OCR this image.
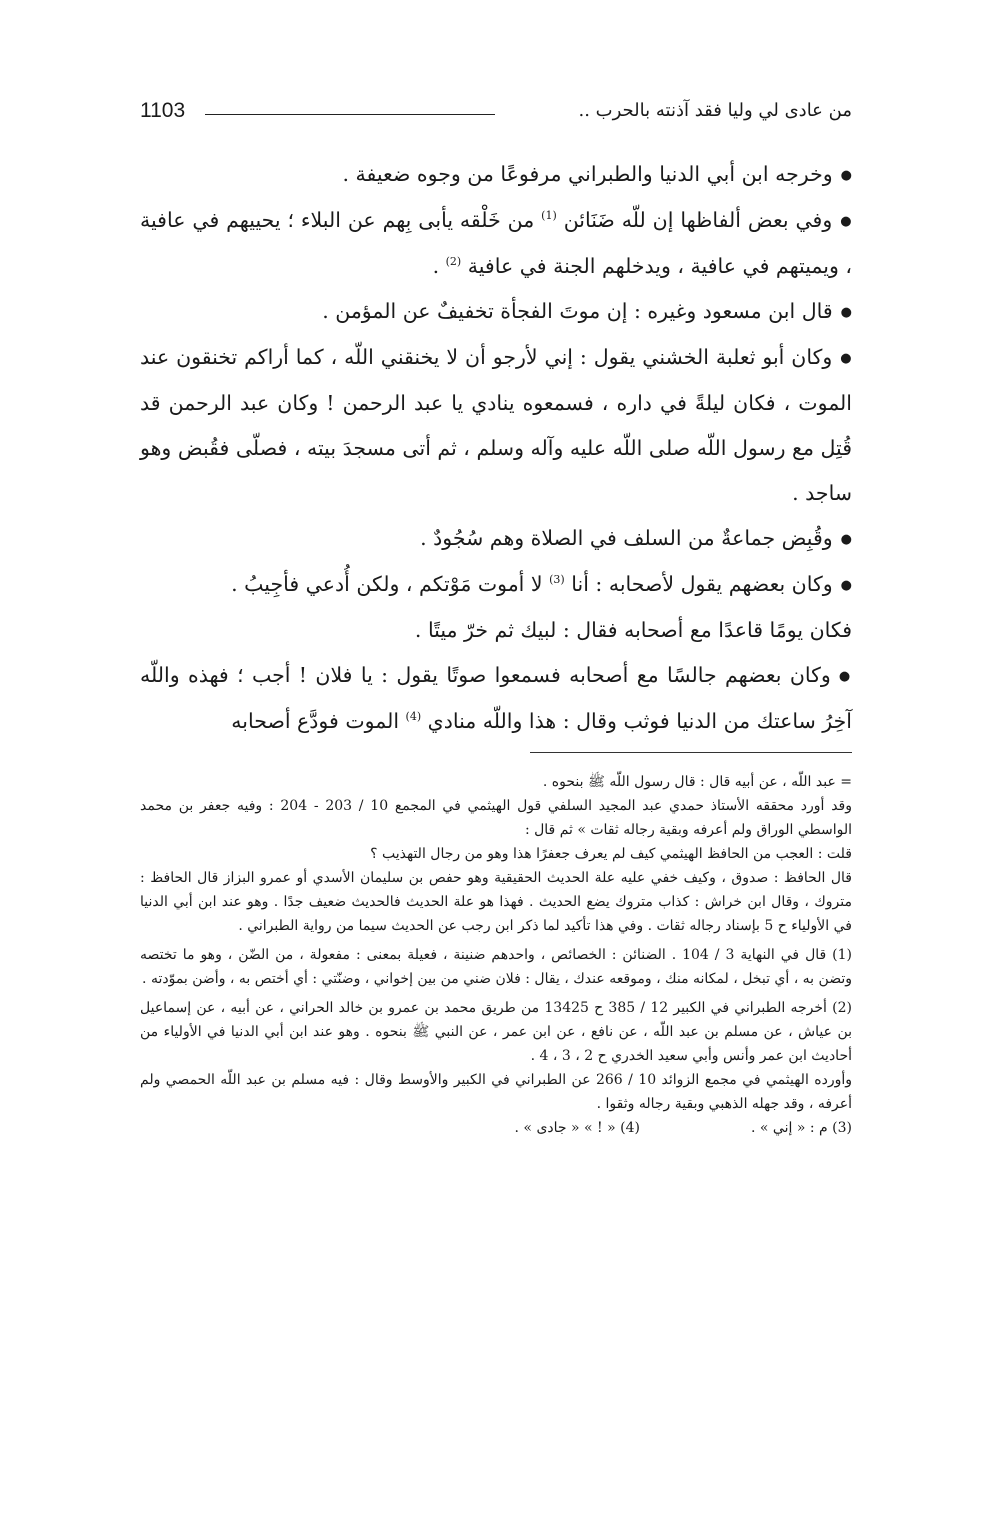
1103	من عادى لي وليا فقد آذنته بالحرب ..

● وخرجه ابن أبي الدنيا والطبراني مرفوعًا من وجوه ضعيفة .

● وفي بعض ألفاظها إن للّه ضَنَائن $^{(1)}$ من خَلْقه يأبى بِهم عن البلاء ؛ يحييهم في عافية ، ويميتهم في عافية ، ويدخلهم الجنة في عافية $^{(2)}$ .

● قال ابن مسعود وغيره : إن موتَ الفجأة تخفيفٌ عن المؤمن .

● وكان أبو ثعلبة الخشني يقول : إني لأرجو أن لا يخنقني اللّه ، كما أراكم تخنقون عند الموت ، فكان ليلةً في داره ، فسمعوه ينادي يا عبد الرحمن ! وكان عبد الرحمن قد قُتِل مع رسول اللّه صلى اللّه عليه وآله وسلم ، ثم أتى مسجدَ بيته ، فصلّى فقُبض وهو ساجد .

● وقُبِض جماعةٌ من السلف في الصلاة وهم سُجُودٌ .

● وكان بعضهم يقول لأصحابه : أنا $^{(3)}$ لا أموت مَوْتكم ، ولكن أُدعي فأجِيبُ .

فكان يومًا قاعدًا مع أصحابه فقال : لبيك ثم خرّ ميتًا .

● وكان بعضهم جالسًا مع أصحابه فسمعوا صوتًا يقول : يا فلان ! أجب ؛ فهذه واللّه آخِرُ ساعتك من الدنيا فوثب وقال : هذا واللّه منادي $^{(4)}$ الموت فودَّع أصحابه

= عبد اللّه ، عن أبيه قال : قال رسول اللّه ﷺ بنحوه .

وقد أورد محققه الأستاذ حمدي عبد المجيد السلفي قول الهيثمي في المجمع 10 / 203 - 204 : وفيه جعفر بن محمد الواسطي الوراق ولم أعرفه وبقية رجاله ثقات » ثم قال :

قلت : العجب من الحافظ الهيثمي كيف لم يعرف جعفرًا هذا وهو من رجال التهذيب ؟

قال الحافظ : صدوق ، وكيف خفي عليه علة الحديث الحقيقية وهو حفص بن سليمان الأسدي أو عمرو البزاز قال الحافظ : متروك ، وقال ابن خراش : كذاب متروك يضع الحديث . فهذا هو علة الحديث فالحديث ضعيف جدًا . وهو عند ابن أبي الدنيا في الأولياء ح 5 بإسناد رجاله ثقات . وفي هذا تأكيد لما ذكر ابن رجب عن الحديث سيما من رواية الطبراني .

(1) قال في النهاية 3 / 104 . الضنائن : الخصائص ، واحدهم ضنينة ، فعيلة بمعنى : مفعولة ، من الضّن ، وهو ما تختصه وتضن به ، أي تبخل ، لمكانه منك ، وموقعه عندك ، يقال : فلان ضني من بين إخواني ، وضنّتي : أي أختص به ، وأضن بموّدته .

(2) أخرجه الطبراني في الكبير 12 / 385 ح 13425 من طريق محمد بن عمرو بن خالد الحراني ، عن أبيه ، عن إسماعيل بن عياش ، عن مسلم بن عبد اللّه ، عن نافع ، عن ابن عمر ، عن النبي ﷺ بنحوه . وهو عند ابن أبي الدنيا في الأولياء من أحاديث ابن عمر وأنس وأبي سعيد الخدري ح 2 ، 3 ، 4 .

وأورده الهيثمي في مجمع الزوائد 10 / 266 عن الطبراني في الكبير والأوسط وقال : فيه مسلم بن عبد اللّه الحمصي ولم أعرفه ، وقد جهله الذهبي وبقية رجاله وثقوا .

(3) م : « إني » .
(4) « ! » « جادى » .
